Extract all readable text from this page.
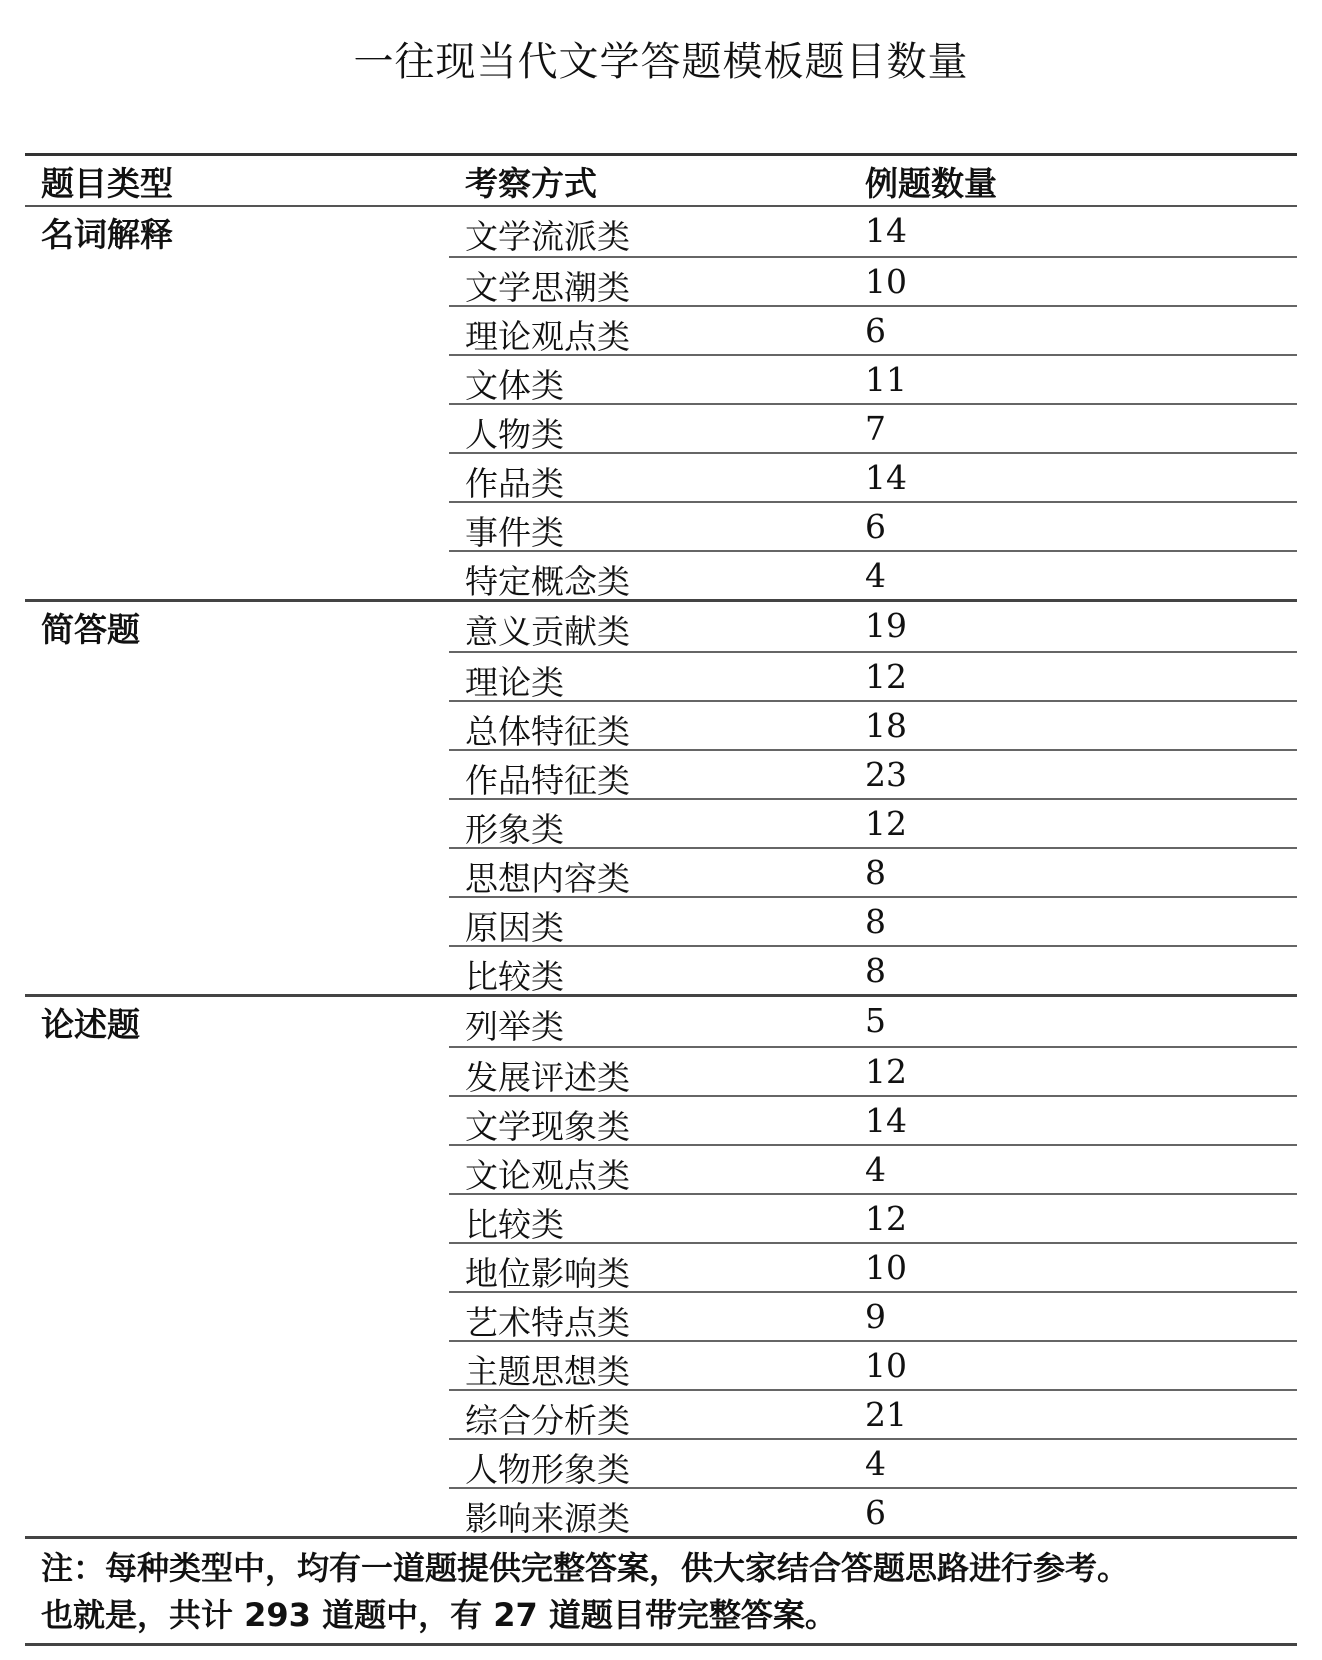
一往现当代文学答题模板题目数量
题目类型	考察方式	例题数量
名词解释	文学流派类	14
文学思潮类	10
理论观点类	6
文体类	11
人物类	7
作品类	14
事件类	6
特定概念类	4
简答题	意义贡献类	19
理论类	12
总体特征类	18
作品特征类	23
形象类	12
思想内容类	8
原因类	8
比较类	8
论述题	列举类	5
发展评述类	12
文学现象类	14
文论观点类	4
比较类	12
地位影响类	10
艺术特点类	9
主题思想类	10
综合分析类	21
人物形象类	4
影响来源类	6
注：每种类型中，均有一道题提供完整答案，供大家结合答题思路进行参考。
也就是，共计 293 道题中，有 27 道题目带完整答案。
